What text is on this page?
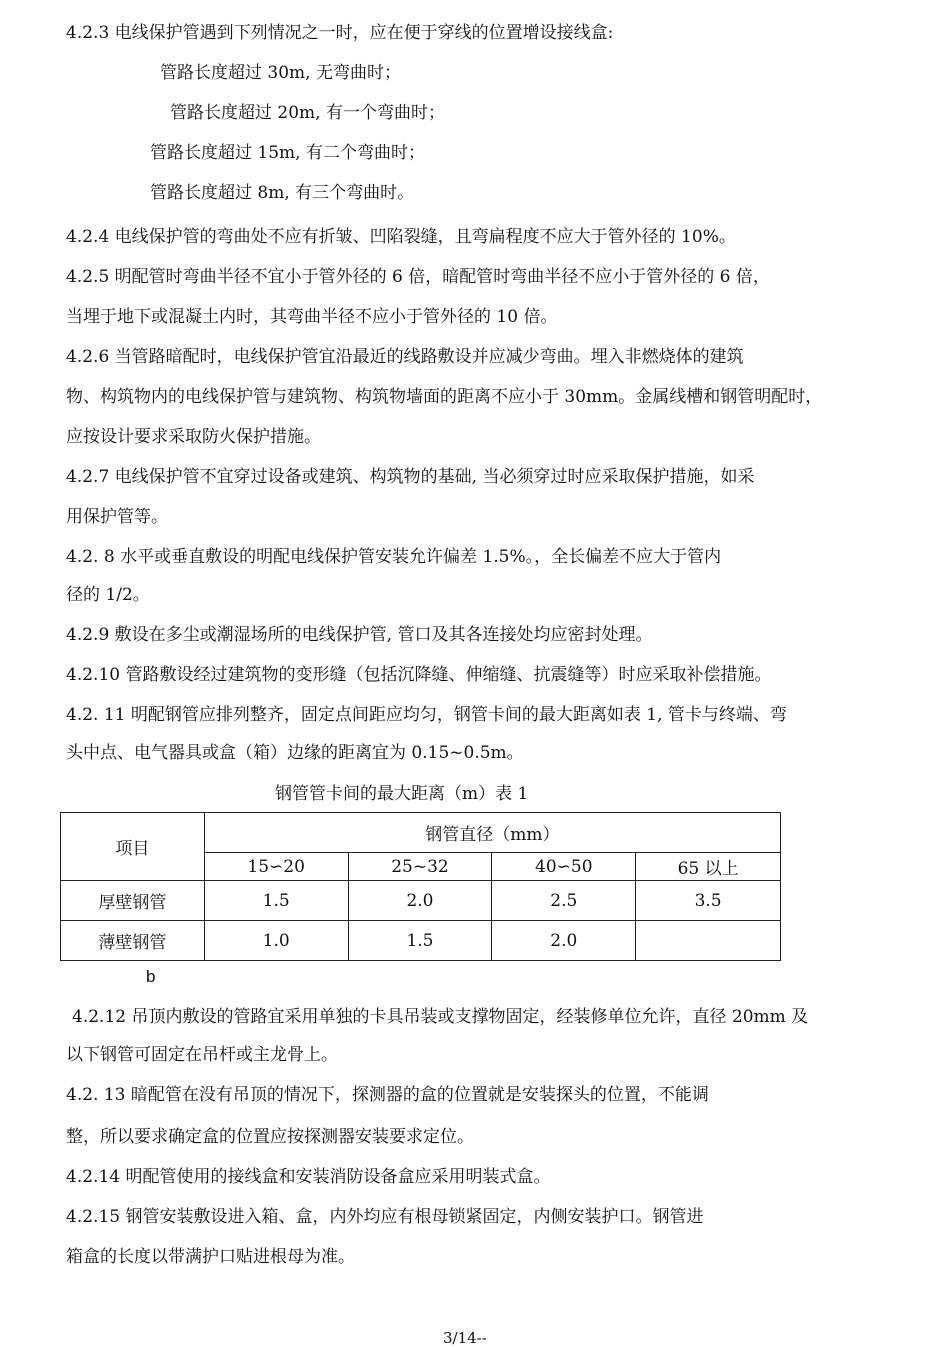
4.2.3 电线保护管遇到下列情况之一时，应在便于穿线的位置增设接线盒:
管路长度超过 30m, 无弯曲时；
管路长度超过 20m, 有一个弯曲时；
管路长度超过 15m, 有二个弯曲时；
管路长度超过 8m, 有三个弯曲时。
4.2.4 电线保护管的弯曲处不应有折皱、凹陷裂缝，且弯扁程度不应大于管外径的 10%。
4.2.5 明配管时弯曲半径不宜小于管外径的 6 倍，暗配管时弯曲半径不应小于管外径的 6 倍，
当埋于地下或混凝土内时，其弯曲半径不应小于管外径的 10 倍。
4.2.6 当管路暗配时，电线保护管宜沿最近的线路敷设并应减少弯曲。埋入非燃烧体的建筑
物、构筑物内的电线保护管与建筑物、构筑物墙面的距离不应小于 30mm。金属线槽和钢管明配时，
应按设计要求采取防火保护措施。
4.2.7 电线保护管不宜穿过设备或建筑、构筑物的基础, 当必须穿过时应采取保护措施，如采
用保护管等。
4.2. 8 水平或垂直敷设的明配电线保护管安装允许偏差 1.5%。，全长偏差不应大于管内
径的 1/2。
4.2.9 敷设在多尘或潮湿场所的电线保护管, 管口及其各连接处均应密封处理。
4.2.10 管路敷设经过建筑物的变形缝（包括沉降缝、伸缩缝、抗震缝等）时应采取补偿措施。
4.2. 11 明配钢管应排列整齐，固定点间距应均匀，钢管卡间的最大距离如表 1, 管卡与终端、弯
头中点、电气器具或盒（箱）边缘的距离宜为 0.15~0.5m。
4.2.12 吊顶内敷设的管路宜采用单独的卡具吊装或支撑物固定，经装修单位允许，直径 20mm 及
以下钢管可固定在吊杆或主龙骨上。
4.2. 13 暗配管在没有吊顶的情况下，探测器的盒的位置就是安装探头的位置，不能调
整，所以要求确定盒的位置应按探测器安装要求定位。
4.2.14 明配管使用的接线盒和安装消防设备盒应采用明装式盒。
4.2.15 钢管安装敷设进入箱、盒，内外均应有根母锁紧固定，内侧安装护口。钢管进
箱盒的长度以带满护口贴进根母为准。
钢管管卡间的最大距离（m）表 1
项目	钢管直径（mm）			
	15∽20	25~32	40∽50	65 以上
厚壁钢管	1.5	2.0	2.5	3.5
薄壁钢管	1.0	1.5	2.0	
b
3/14--
